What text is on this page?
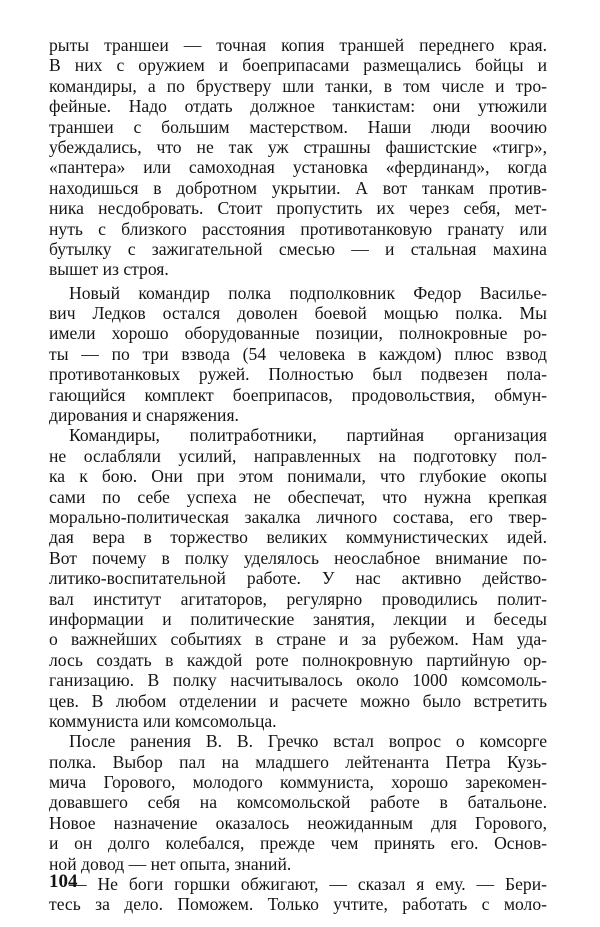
рыты траншеи — точная копия траншей переднего края.
В них с оружием и боеприпасами размещались бойцы и
командиры, а по брустверу шли танки, в том числе и тро-
фейные. Надо отдать должное танкистам: они утюжили
траншеи с большим мастерством. Наши люди воочию
убеждались, что не так уж страшны фашистские «тигр»,
«пантера» или самоходная установка «фердинанд», когда
находишься в добротном укрытии. А вот танкам против-
ника несдобровать. Стоит пропустить их через себя, мет-
нуть с близкого расстояния противотанковую гранату или
бутылку с зажигательной смесью — и стальная махина
вышет из строя.
Новый командир полка подполковник Федор Васильe-
вич Ледков остался доволен боевой мощью полка. Мы
имели хорошо оборудованные позиции, полнокровные ро-
ты — по три взвода (54 человека в каждом) плюс взвод
противотанковых ружей. Полностью был подвезен пола-
гающийся комплект боеприпасов, продовольствия, обмун-
дирования и снаряжения.
Командиры, политработники, партийная организация
не ослабляли усилий, направленных на подготовку пол-
ка к бою. Они при этом понимали, что глубокие окопы
сами по себе успеха не обеспечат, что нужна крепкая
морально-политическая закалка личного состава, его твер-
дая вера в торжество великих коммунистических идей.
Вот почему в полку уделялось неослабное внимание по-
литико-воспитательной работе. У нас активно действо-
вал институт агитаторов, регулярно проводились полит-
информации и политические занятия, лекции и беседы
о важнейших событиях в стране и за рубежом. Нам уда-
лось создать в каждой роте полнокровную партийную ор-
ганизацию. В полку насчитывалось около 1000 комсомоль-
цев. В любом отделении и расчете можно было встретить
коммуниста или комсомольца.
После ранения В. В. Гречко встал вопрос о комсорге
полка. Выбор пал на младшего лейтенанта Петра Кузь-
мича Горового, молодого коммуниста, хорошо зарекомен-
довавшего себя на комсомольской работе в батальоне.
Новое назначение оказалось неожиданным для Горового,
и он долго колебался, прежде чем принять его. Основ-
ной довод — нет опыта, знаний.
— Не боги горшки обжигают, — сказал я ему. — Бери-
тесь за дело. Поможем. Только учтите, работать с моло-
104
